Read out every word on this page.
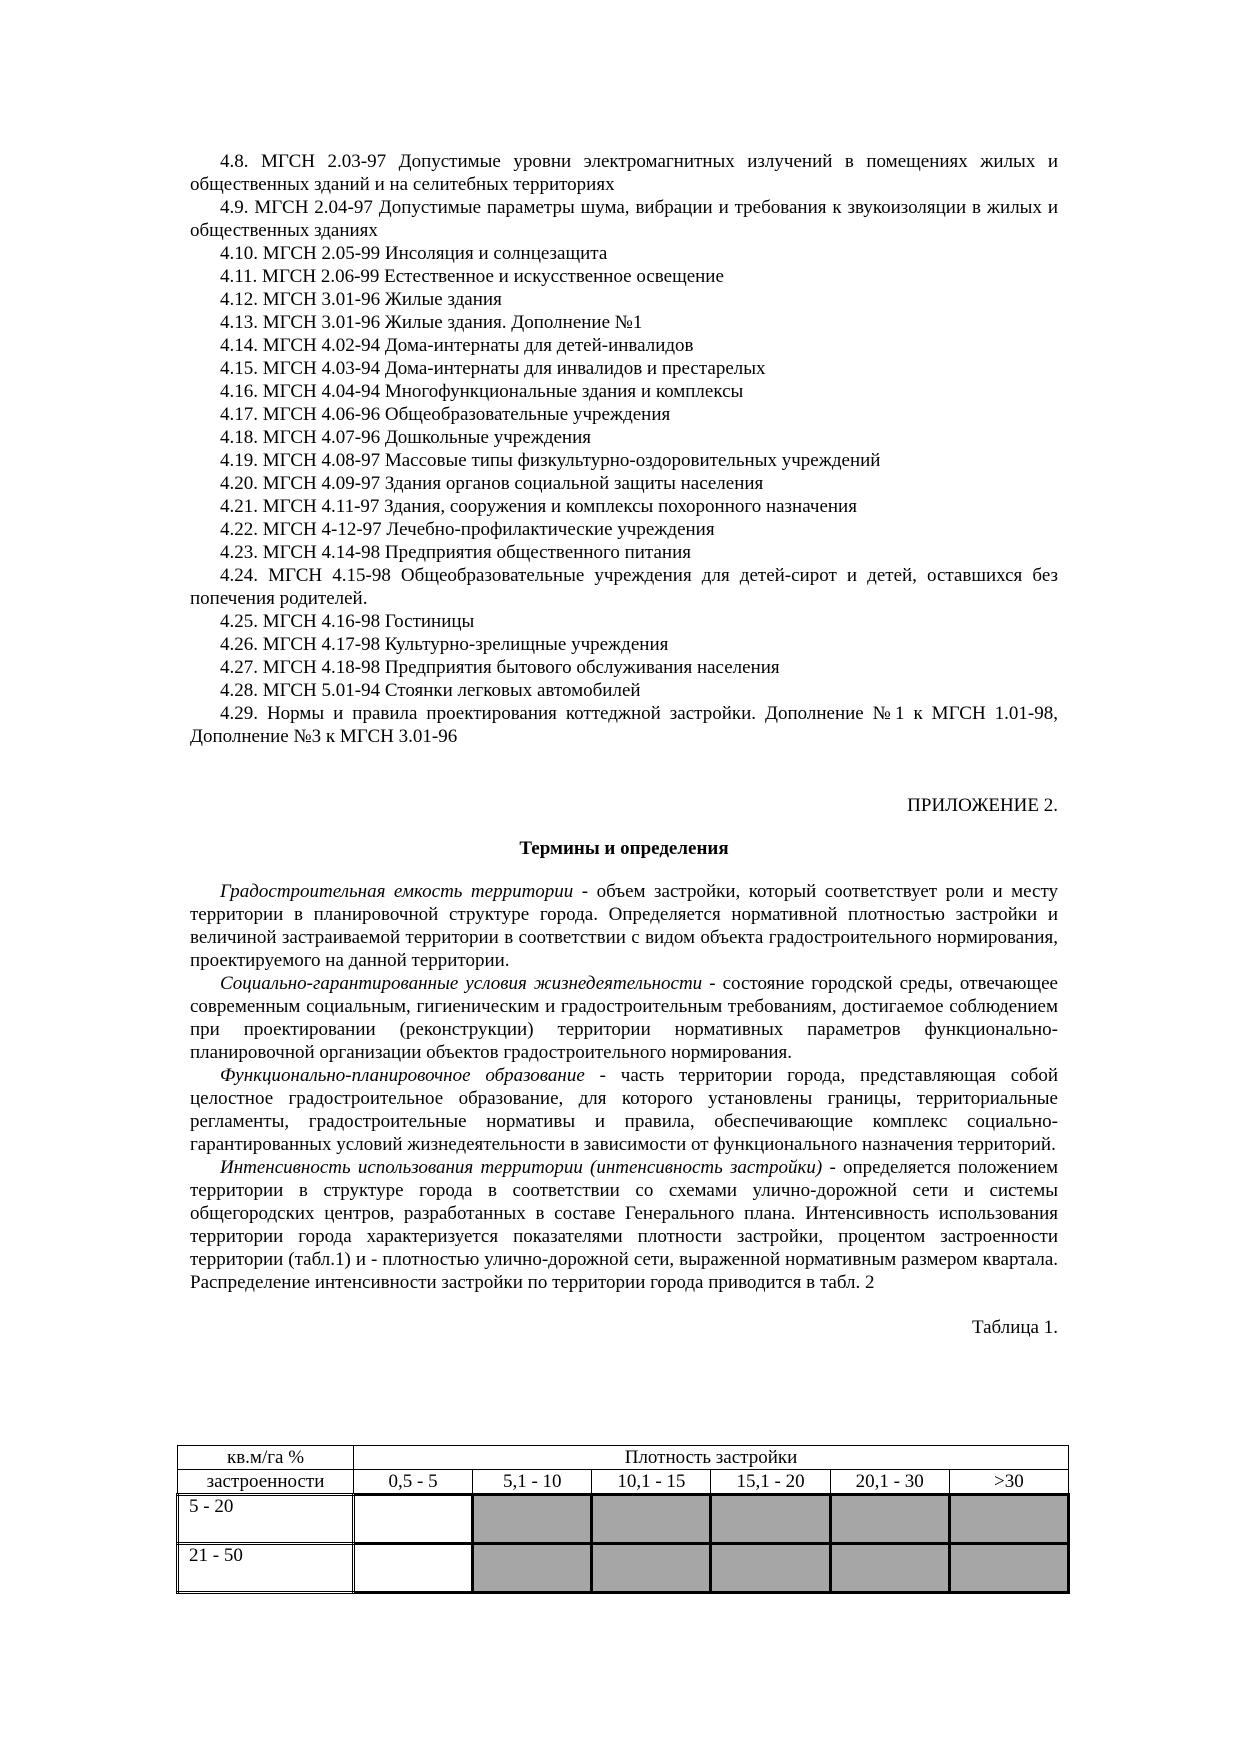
4.8. МГСН 2.03-97 Допустимые уровни электромагнитных излучений в помещениях жилых и общественных зданий и на селитебных территориях

4.9. МГСН 2.04-97 Допустимые параметры шума, вибрации и требования к звукоизоляции в жилых и общественных зданиях

4.10. МГСН 2.05-99 Инсоляция и солнцезащита

4.11. МГСН 2.06-99 Естественное и искусственное освещение

4.12. МГСН 3.01-96 Жилые здания

4.13. МГСН 3.01-96 Жилые здания. Дополнение №1

4.14. МГСН 4.02-94 Дома-интернаты для детей-инвалидов

4.15. МГСН 4.03-94 Дома-интернаты для инвалидов и престарелых

4.16. МГСН 4.04-94 Многофункциональные здания и комплексы

4.17. МГСН 4.06-96 Общеобразовательные учреждения

4.18. МГСН 4.07-96 Дошкольные учреждения

4.19. МГСН 4.08-97 Массовые типы физкультурно-оздоровительных учреждений

4.20. МГСН 4.09-97 Здания органов социальной защиты населения

4.21. МГСН 4.11-97 Здания, сооружения и комплексы похоронного назначения

4.22. МГСН 4-12-97 Лечебно-профилактические учреждения

4.23. МГСН 4.14-98 Предприятия общественного питания

4.24. МГСН 4.15-98 Общеобразовательные учреждения для детей-сирот и детей, оставшихся без попечения родителей.

4.25. МГСН 4.16-98 Гостиницы

4.26. МГСН 4.17-98 Культурно-зрелищные учреждения

4.27. МГСН 4.18-98 Предприятия бытового обслуживания населения

4.28. МГСН 5.01-94 Стоянки легковых автомобилей

4.29. Нормы и правила проектирования коттеджной застройки. Дополнение №1 к МГСН 1.01-98, Дополнение №3 к МГСН 3.01-96

ПРИЛОЖЕНИЕ 2.
Термины и определения

Градостроительная емкость территории - объем застройки, который соответствует роли и месту территории в планировочной структуре города. Определяется нормативной плотностью застройки и величиной застраиваемой территории в соответствии с видом объекта градостроительного нормирования, проектируемого на данной территории.

Социально-гарантированные условия жизнедеятельности - состояние городской среды, отвечающее современным социальным, гигиеническим и градостроительным требованиям, достигаемое соблюдением при проектировании (реконструкции) территории нормативных параметров функционально-планировочной организации объектов градостроительного нормирования.

Функционально-планировочное образование - часть территории города, представляющая собой целостное градостроительное образование, для которого установлены границы, территориальные регламенты, градостроительные нормативы и правила, обеспечивающие комплекс социально-гарантированных условий жизнедеятельности в зависимости от функционального назначения территорий.

Интенсивность использования территории (интенсивность застройки) - определяется положением территории в структуре города в соответствии со схемами улично-дорожной сети и системы общегородских центров, разработанных в составе Генерального плана. Интенсивность использования территории города характеризуется показателями плотности застройки, процентом застроенности территории (табл.1) и - плотностью улично-дорожной сети, выраженной нормативным размером квартала. Распределение интенсивности застройки по территории города приводится в табл. 2

Таблица 1.
кв.м/га %	Плотность застройки					
застроенности	0,5 - 5	5,1 - 10	10,1 - 15	15,1 - 20	20,1 - 30	>30
5 - 20						
21 - 50						
